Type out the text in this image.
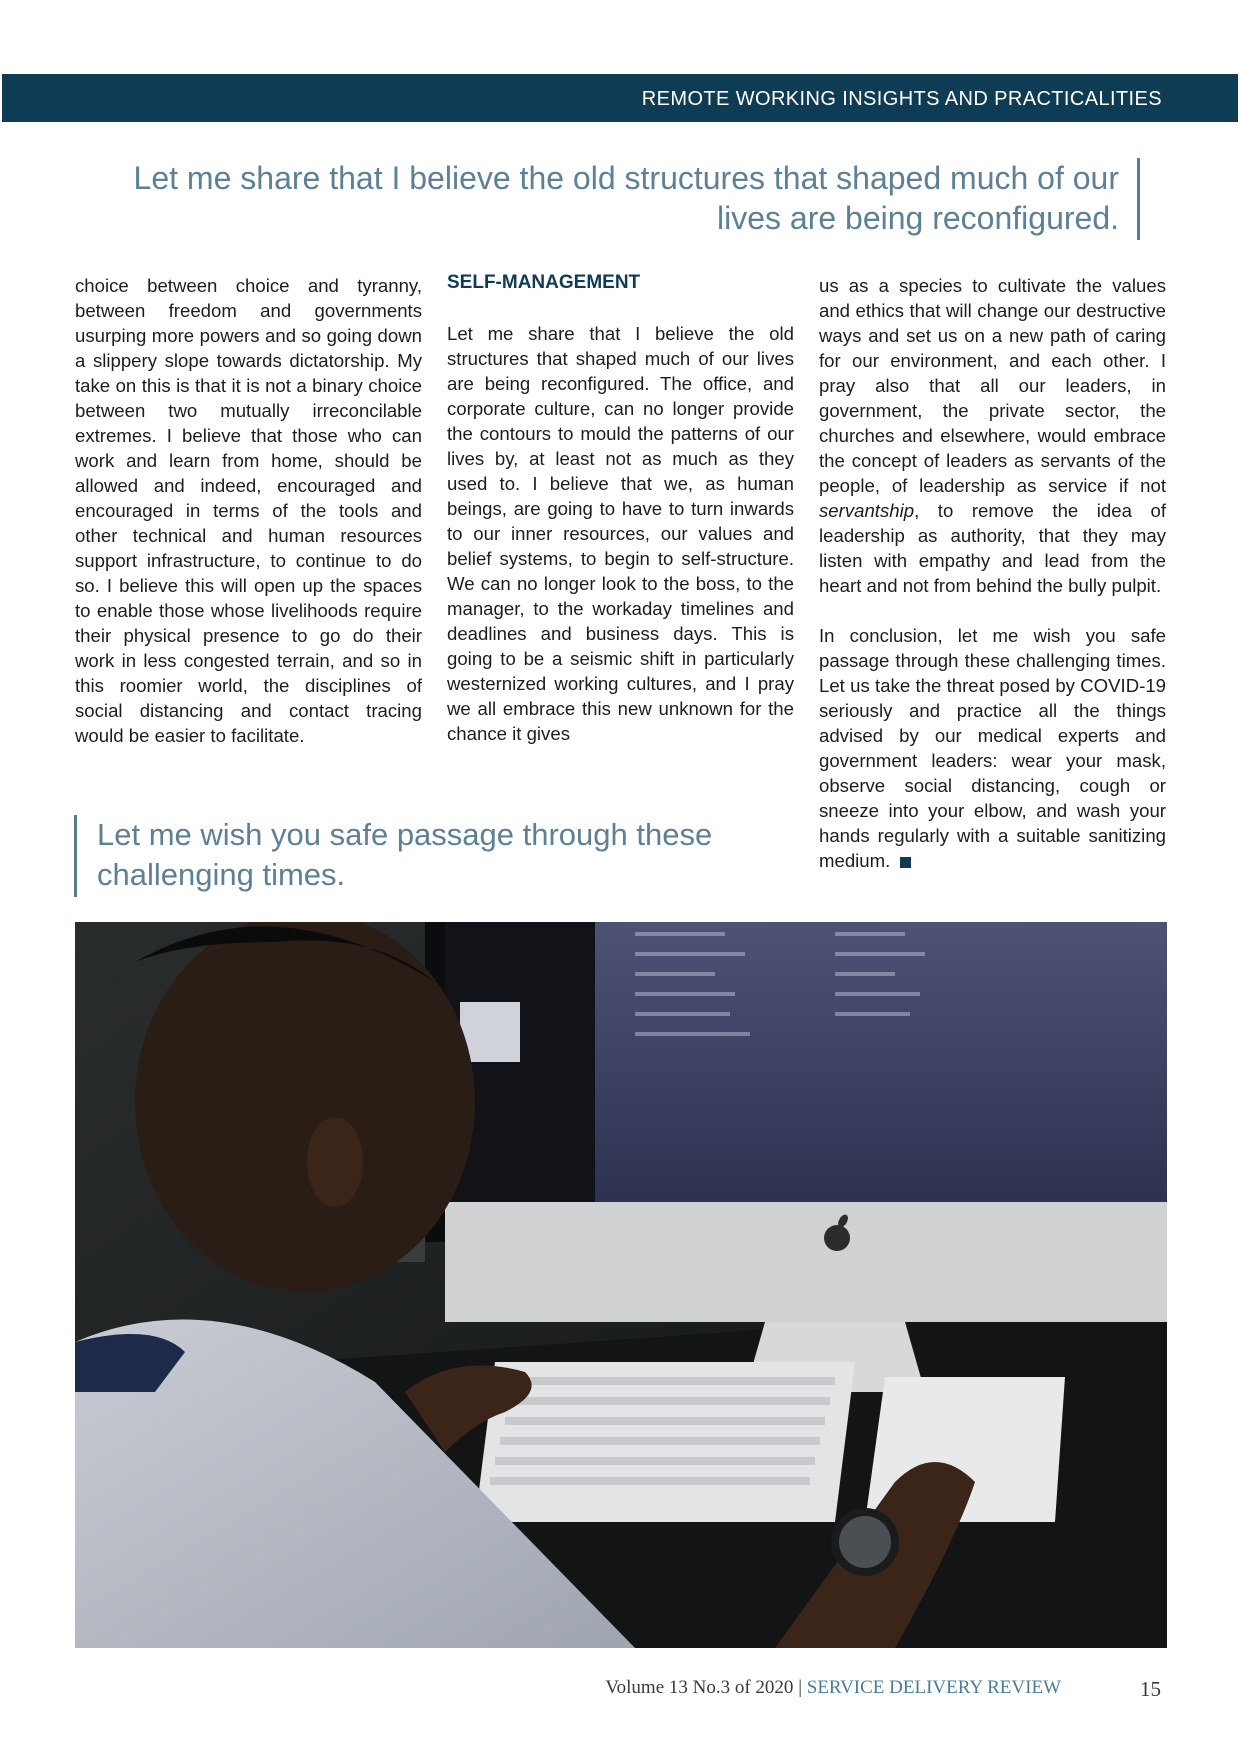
REMOTE WORKING INSIGHTS AND PRACTICALITIES
Let me share that I believe the old structures that shaped much of our lives are being reconfigured.

choice between choice and tyranny, between freedom and governments usurping more powers and so going down a slippery slope towards dictatorship. My take on this is that it is not a binary choice between two mutually irreconcilable extremes. I believe that those who can work and learn from home, should be allowed and indeed, encouraged and encouraged in terms of the tools and other technical and human resources support infrastructure, to continue to do so. I believe this will open up the spaces to enable those whose livelihoods require their physical presence to go do their work in less congested terrain, and so in this roomier world, the disciplines of social distancing and contact tracing would be easier to facilitate.

SELF-MANAGEMENT

Let me share that I believe the old structures that shaped much of our lives are being reconfigured. The office, and corporate culture, can no longer provide the contours to mould the patterns of our lives by, at least not as much as they used to. I believe that we, as human beings, are going to have to turn inwards to our inner resources, our values and belief systems, to begin to self-structure. We can no longer look to the boss, to the manager, to the workaday timelines and deadlines and business days. This is going to be a seismic shift in particularly westernized working cultures, and I pray we all embrace this new unknown for the chance it gives

us as a species to cultivate the values and ethics that will change our destructive ways and set us on a new path of caring for our environment, and each other. I pray also that all our leaders, in government, the private sector, the churches and elsewhere, would embrace the concept of leaders as servants of the people, of leadership as service if not servantship, to remove the idea of leadership as authority, that they may listen with empathy and lead from the heart and not from behind the bully pulpit.

In conclusion, let me wish you safe passage through these challenging times. Let us take the threat posed by COVID-19 seriously and practice all the things advised by our medical experts and government leaders: wear your mask, observe social distancing, cough or sneeze into your elbow, and wash your hands regularly with a suitable sanitizing medium.

Let me wish you safe passage through these challenging times.
Volume 13 No.3 of 2020 | SERVICE DELIVERY REVIEW	15
